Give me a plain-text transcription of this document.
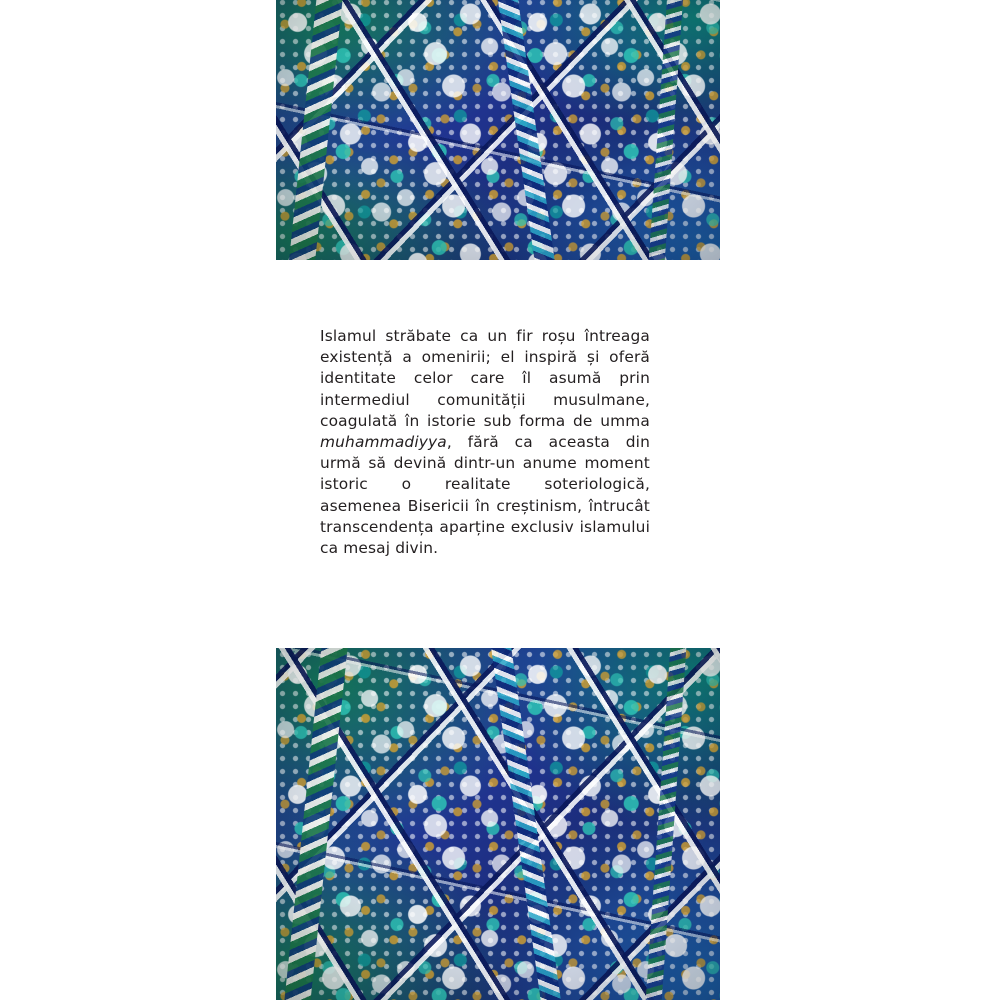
Islamul străbate ca un fir roșu întreaga existență a omenirii; el inspiră și oferă identitate celor care îl asumă prin intermediul comunității musulmane, coagulată în istorie sub forma de umma muhammadiyya, fără ca aceasta din urmă să devină dintr-un anume moment istoric o realitate soteriologică, asemenea Bisericii în creștinism, întrucât transcendența aparține exclusiv islamului ca mesaj divin.
